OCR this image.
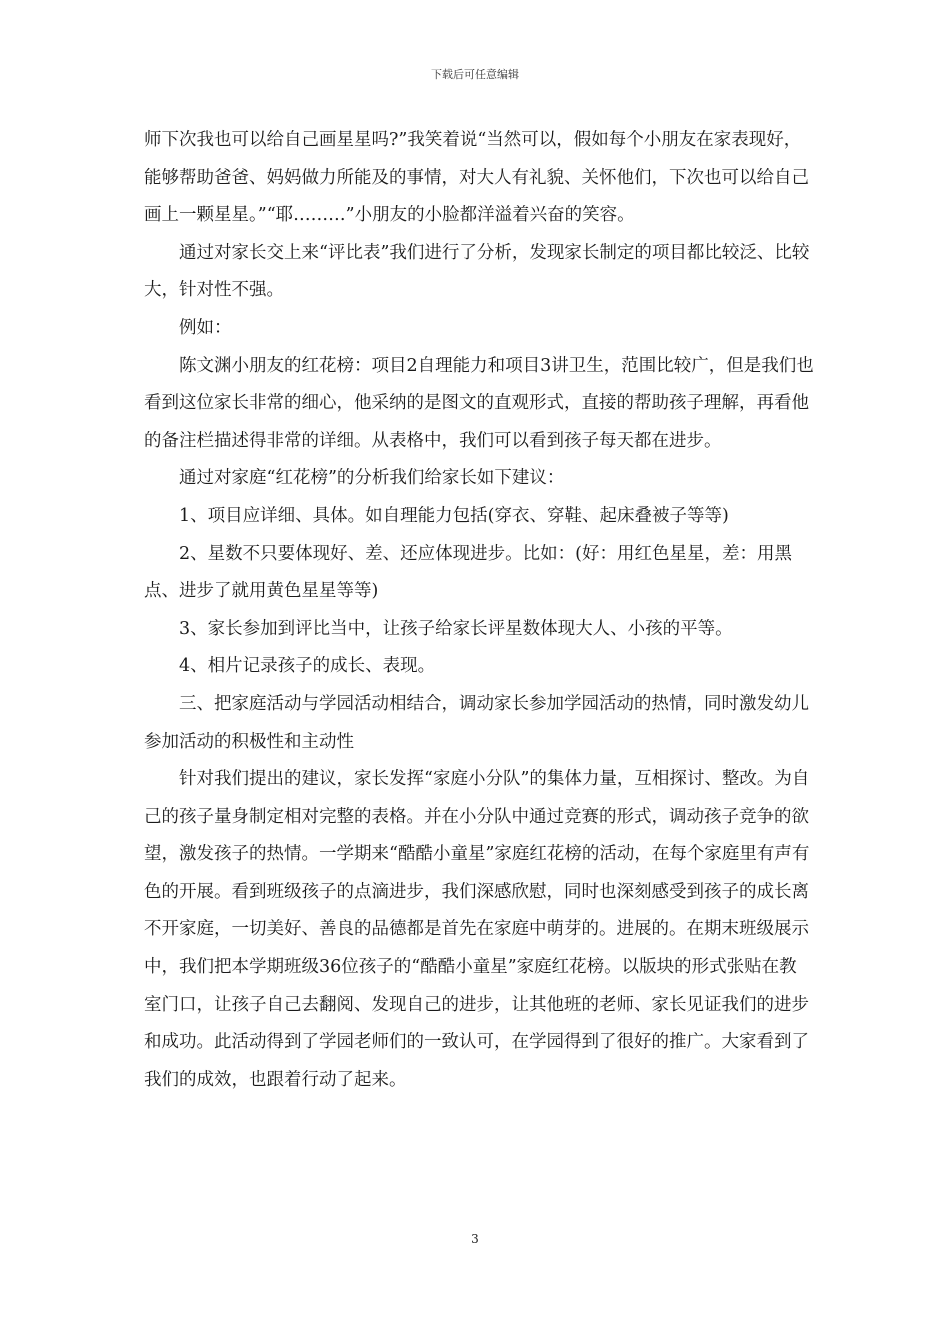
下载后可任意编辑

师下次我也可以给自己画星星吗?”我笑着说“当然可以，假如每个小朋友在家表现好，能够帮助爸爸、妈妈做力所能及的事情，对大人有礼貌、关怀他们，下次也可以给自己画上一颗星星。”“耶………”小朋友的小脸都洋溢着兴奋的笑容。

通过对家长交上来“评比表”我们进行了分析，发现家长制定的项目都比较泛、比较大，针对性不强。

例如：

陈文渊小朋友的红花榜：项目2自理能力和项目3讲卫生，范围比较广，但是我们也看到这位家长非常的细心，他采纳的是图文的直观形式，直接的帮助孩子理解，再看他的备注栏描述得非常的详细。从表格中，我们可以看到孩子每天都在进步。

通过对家庭“红花榜”的分析我们给家长如下建议：

1、项目应详细、具体。如自理能力包括(穿衣、穿鞋、起床叠被子等等)

2、星数不只要体现好、差、还应体现进步。比如：(好：用红色星星，差：用黑点、进步了就用黄色星星等等)

3、家长参加到评比当中，让孩子给家长评星数体现大人、小孩的平等。

4、相片记录孩子的成长、表现。

三、把家庭活动与学园活动相结合，调动家长参加学园活动的热情，同时激发幼儿参加活动的积极性和主动性

针对我们提出的建议，家长发挥“家庭小分队”的集体力量，互相探讨、整改。为自己的孩子量身制定相对完整的表格。并在小分队中通过竞赛的形式，调动孩子竞争的欲望，激发孩子的热情。一学期来“酷酷小童星”家庭红花榜的活动，在每个家庭里有声有色的开展。看到班级孩子的点滴进步，我们深感欣慰，同时也深刻感受到孩子的成长离不开家庭，一切美好、善良的品德都是首先在家庭中萌芽的。进展的。在期末班级展示中，我们把本学期班级36位孩子的“酷酷小童星”家庭红花榜。以版块的形式张贴在教室门口，让孩子自己去翻阅、发现自己的进步，让其他班的老师、家长见证我们的进步和成功。此活动得到了学园老师们的一致认可，在学园得到了很好的推广。大家看到了我们的成效，也跟着行动了起来。

3
